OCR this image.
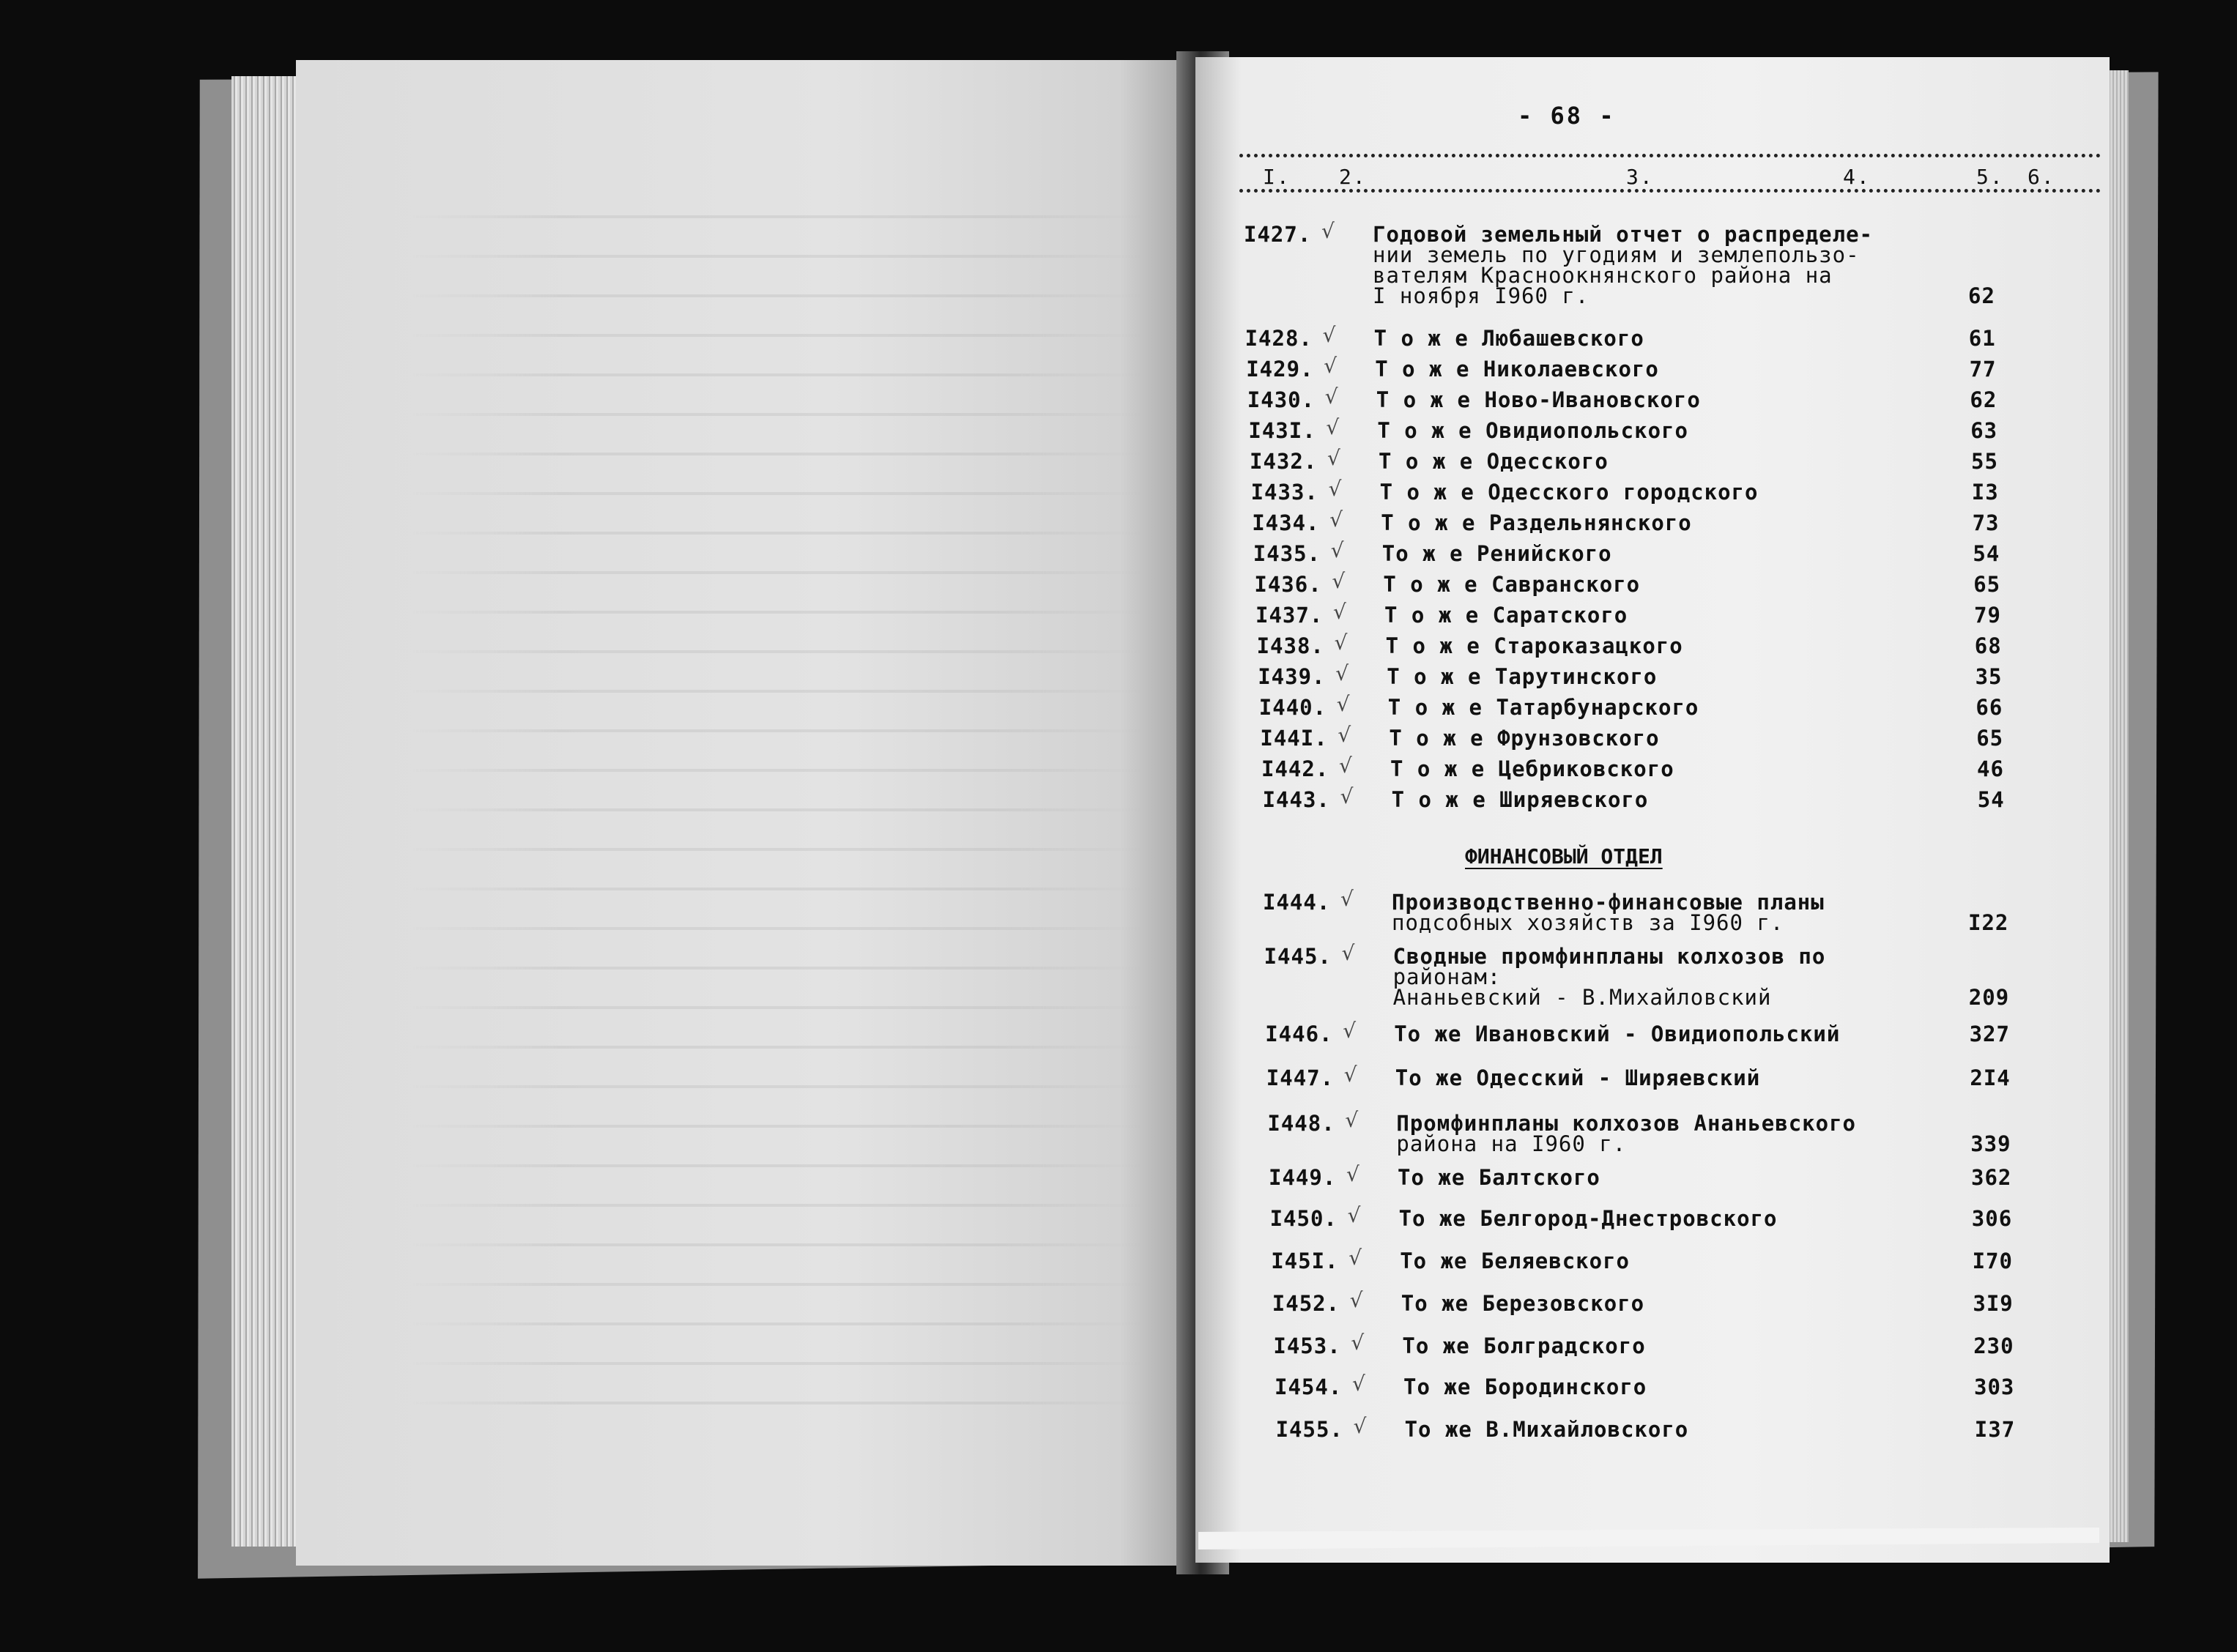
- 68 -
I. 2.	3.	4.	5. 6.
I427. √ Годовой земельный отчет о распределе-
нии земель по угодиям и землепользо-
вателям Красноокнянского района на
I ноября I960 г.	62
I428. √ Т о ж е Любашевского	61
I429. √ Т о ж е Николаевского	77
I430. √ Т о ж е Ново-Ивановского	62
I43I. √ Т о ж е Овидиопольского	63
I432. √ Т о ж е Одесского	55
I433. √ Т о ж е Одесского городского	I3
I434. √ Т о ж е Раздельнянского	73
I435. √ То ж е Ренийского	54
I436. √ Т о ж е Савранского	65
I437. √ Т о ж е Саратского	79
I438. √ Т о ж е Староказацкого	68
I439. √ Т о ж е Тарутинского	35
I440. √ Т о ж е Татарбунарского	66
I44I. √ Т о ж е Фрунзовского	65
I442. √ Т о ж е Цебриковского	46
I443. √ Т о ж е Ширяевского	54
I444. √ Производственно-финансовые планы
подсобных хозяйств за I960 г.	I22
I445. √ Сводные промфинпланы колхозов по
районам:
Ананьевский - В.Михайловский	209
I446. √ То же Ивановский - Овидиопольский	327
I447. √ То же Одесский - Ширяевский	2I4
I448. √ Промфинпланы колхозов Ананьевского
района на I960 г.	339
I449. √ То же Балтского	362
I450. √ То же Белгород-Днестровского	306
I45I. √ То же Беляевского	I70
I452. √ То же Березовского	3I9
I453. √ То же Болградского	230
I454. √ То же Бородинского	303
I455. √ То же В.Михайловского	I37
ФИНАНСОВЫЙ ОТДЕЛ
